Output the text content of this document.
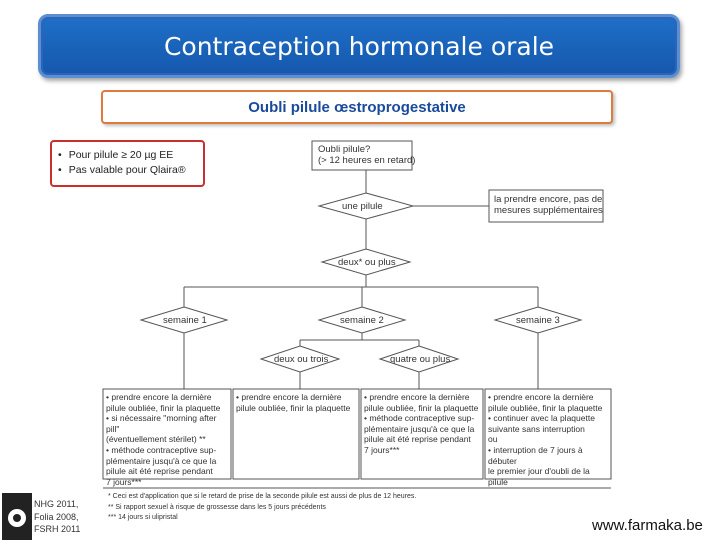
Contraception hormonale orale
Oubli pilule œstroprogestative
• Pour pilule ≥ 20 µg EE
• Pas valable pour Qlaira®
Oubli pilule?
(> 12 heures en retard)
une pilule
la prendre encore, pas de
mesures supplémentaires
deux* ou plus
semaine 1	semaine 2	semaine 3
deux ou trois	quatre ou plus
• prendre encore la dernière
pilule oubliée, finir la plaquette
• si nécessaire "morning after pill"
(éventuellement stérilet) **
• méthode contraceptive sup-
plémentaire jusqu'à ce que la
pilule ait été reprise pendant
7 jours***
• prendre encore la dernière
pilule oubliée, finir la plaquette
• prendre encore la dernière
pilule oubliée, finir la plaquette
• méthode contraceptive sup-
plémentaire jusqu'à ce que la
pilule ait été reprise pendant
7 jours***
• prendre encore la dernière
pilule oubliée, finir la plaquette
• continuer avec la plaquette
suivante sans interruption
ou
• interruption de 7 jours à débuter
le premier jour d'oubli de la
pilule
* Ceci est d'application que si le retard de prise de la seconde pilule est aussi de plus de 12 heures.
** Si rapport sexuel à risque de grossesse dans les 5 jours précédents
*** 14 jours si ulipristal
NHG 2011,
Folia 2008,
FSRH 2011	www.farmaka.be
